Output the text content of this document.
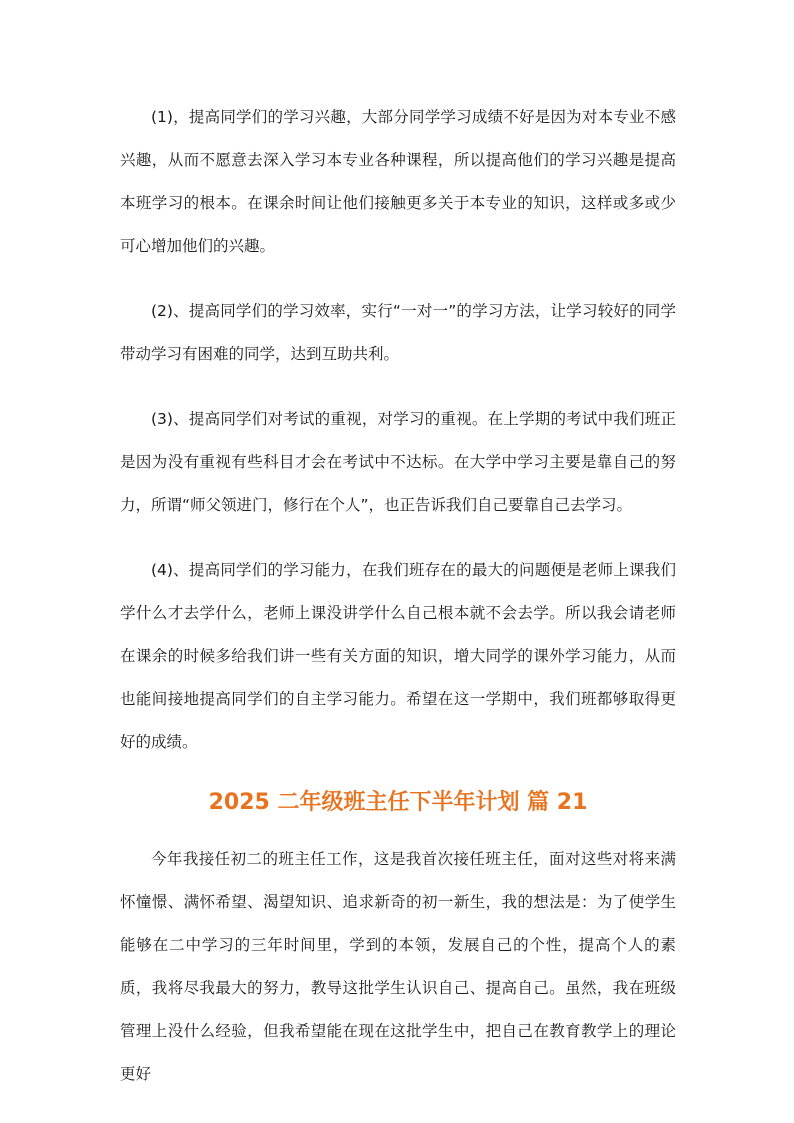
(1)，提高同学们的学习兴趣，大部分同学学习成绩不好是因为对本专业不感兴趣，从而不愿意去深入学习本专业各种课程，所以提高他们的学习兴趣是提高本班学习的根本。在课余时间让他们接触更多关于本专业的知识，这样或多或少可心增加他们的兴趣。

(2)、提高同学们的学习效率，实行“一对一”的学习方法，让学习较好的同学带动学习有困难的同学，达到互助共利。

(3)、提高同学们对考试的重视，对学习的重视。在上学期的考试中我们班正是因为没有重视有些科目才会在考试中不达标。在大学中学习主要是靠自己的努力，所谓“师父领进门，修行在个人”，也正告诉我们自己要靠自己去学习。

(4)、提高同学们的学习能力，在我们班存在的最大的问题便是老师上课我们学什么才去学什么，老师上课没讲学什么自己根本就不会去学。所以我会请老师在课余的时候多给我们讲一些有关方面的知识，增大同学的课外学习能力，从而也能间接地提高同学们的自主学习能力。希望在这一学期中，我们班都够取得更好的成绩。

2025 二年级班主任下半年计划 篇 21

今年我接任初二的班主任工作，这是我首次接任班主任，面对这些对将来满怀憧憬、满怀希望、渴望知识、追求新奇的初一新生，我的想法是：为了使学生能够在二中学习的三年时间里，学到的本领，发展自己的个性，提高个人的素质，我将尽我最大的努力，教导这批学生认识自己、提高自己。虽然，我在班级管理上没什么经验，但我希望能在现在这批学生中，把自己在教育教学上的理论更好
